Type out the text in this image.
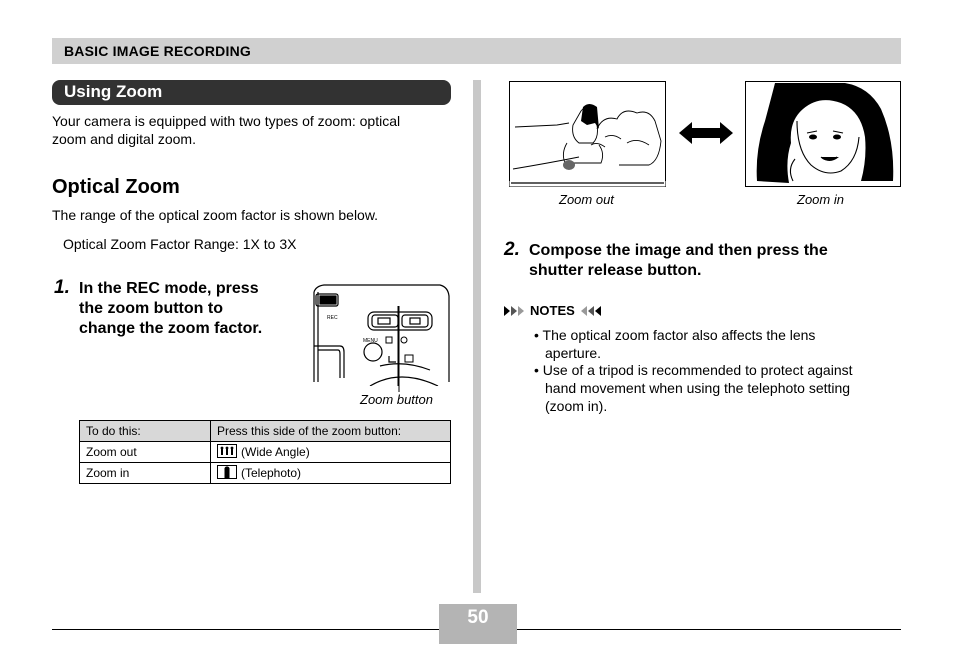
BASIC IMAGE RECORDING
Using Zoom
Your camera is equipped with two types of zoom: optical
zoom and digital zoom.
Optical Zoom
The range of the optical zoom factor is shown below.
Optical Zoom Factor Range: 1X to 3X
1. In the REC mode, press
the zoom button to
change the zoom factor.
REC
MENU
Zoom button
To do this:	Press this side of the zoom button:
Zoom out	(Wide Angle)
Zoom in	(Telephoto)
Zoom out	Zoom in
2. Compose the image and then press the
shutter release button.
NOTES
• The optical zoom factor also affects the lens
aperture.
• Use of a tripod is recommended to protect against
hand movement when using the telephoto setting
(zoom in).
50
